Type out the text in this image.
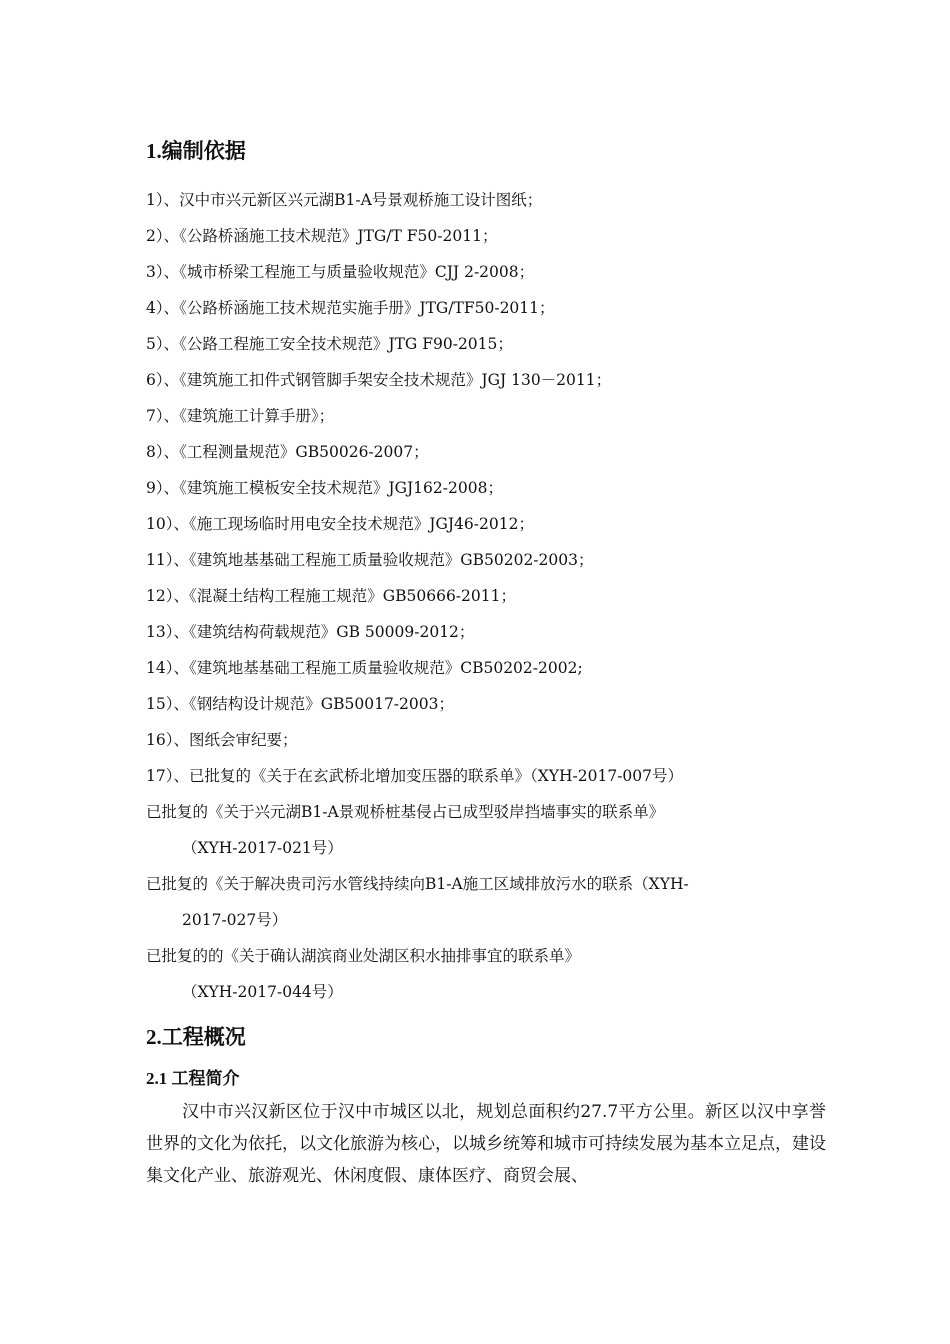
1.编制依据
1）、汉中市兴元新区兴元湖B1-A号景观桥施工设计图纸；
2）、《公路桥涵施工技术规范》JTG/T F50-2011；
3）、《城市桥梁工程施工与质量验收规范》CJJ 2-2008；
4）、《公路桥涵施工技术规范实施手册》JTG/TF50-2011；
5）、《公路工程施工安全技术规范》JTG F90-2015；
6）、《建筑施工扣件式钢管脚手架安全技术规范》JGJ 130－2011；
7）、《建筑施工计算手册》；
8）、《工程测量规范》GB50026-2007；
9）、《建筑施工模板安全技术规范》JGJ162-2008；
10）、《施工现场临时用电安全技术规范》JGJ46-2012；
11）、《建筑地基基础工程施工质量验收规范》GB50202-2003；
12）、《混凝土结构工程施工规范》GB50666-2011；
13）、《建筑结构荷载规范》GB 50009-2012；
14）、《建筑地基基础工程施工质量验收规范》CB50202-2002;
15）、《钢结构设计规范》GB50017-2003；
16）、图纸会审纪要；
17）、已批复的《关于在玄武桥北增加变压器的联系单》（XYH-2017-007号）
已批复的《关于兴元湖B1-A景观桥桩基侵占已成型驳岸挡墙事实的联系单》
（XYH-2017-021号）
已批复的《关于解决贵司污水管线持续向B1-A施工区域排放污水的联系（XYH-
2017-027号）
已批复的的《关于确认湖滨商业处湖区积水抽排事宜的联系单》
（XYH-2017-044号）
2.工程概况
2.1 工程简介

汉中市兴汉新区位于汉中市城区以北，规划总面积约27.7平方公里。新区以汉中享誉世界的文化为依托，以文化旅游为核心，以城乡统筹和城市可持续发展为基本立足点，建设集文化产业、旅游观光、休闲度假、康体医疗、商贸会展、
